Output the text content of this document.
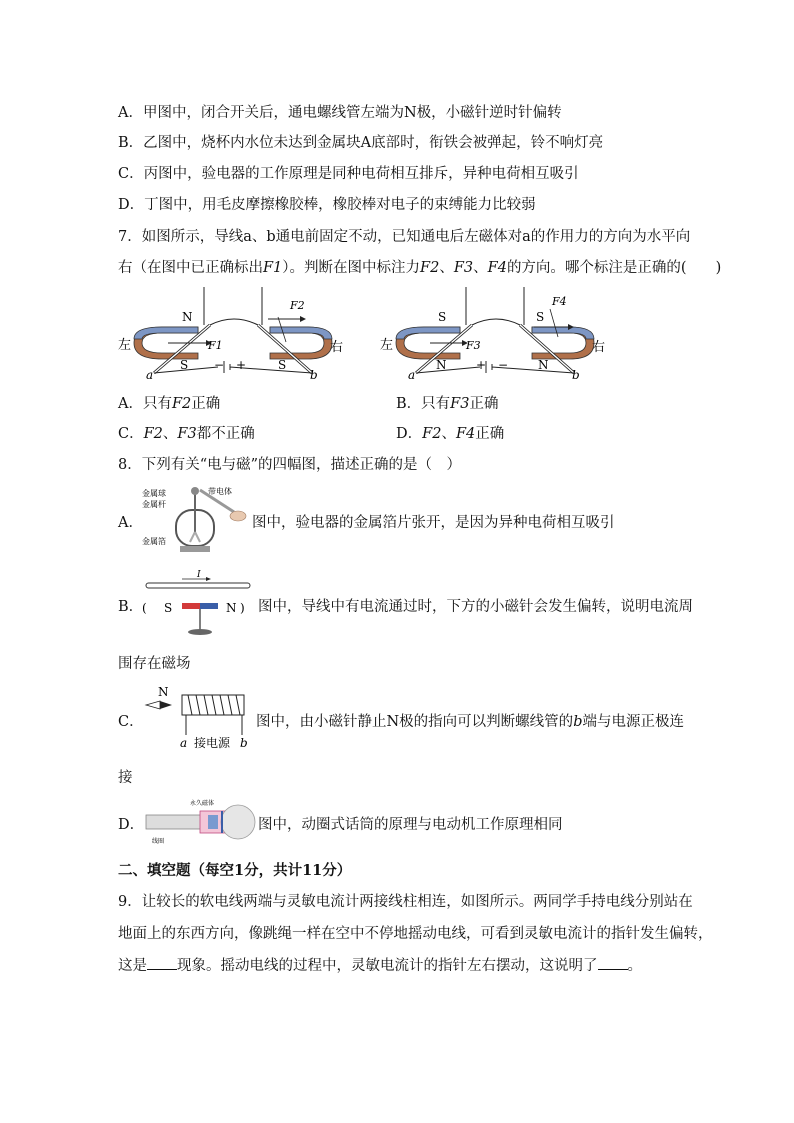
A．甲图中，闭合开关后，通电螺线管左端为N极，小磁针逆时针偏转
B．乙图中，烧杯内水位未达到金属块A底部时，衔铁会被弹起，铃不响灯亮
C．丙图中，验电器的工作原理是同种电荷相互排斥，异种电荷相互吸引
D．丁图中，用毛皮摩擦橡胶棒，橡胶棒对电子的束缚能力比较弱
7．如图所示，导线a、b通电前固定不动，已知通电后左磁体对a的作用力的方向为水平向
右（在图中已正确标出F1）。判断在图中标注力F2、F3、F4的方向。哪个标注是正确的(　　)
左	右
N
S	S
a	b
− +
F1
F2
左	右
S	S
N	N
a	b
−
+
F3
F4
A．只有F2正确	B．只有F3正确
C．F2、F3都不正确	D．F2、F4正确
8．下列有关“电与磁”的四幅图，描述正确的是（　）
A．
金属球
金属杆
金属箔
带电体
图中，验电器的金属箔片张开，是因为异种电荷相互吸引
B．
I
( S	N ) 图中，导线中有电流通过时，下方的小磁针会发生偏转，说明电流周
围存在磁场
C．
N
a 接电源 b
图中，由小磁针静止N极的指向可以判断螺线管的b端与电源正极连
接
D．
永久磁体
线圈
图中，动圈式话筒的原理与电动机工作原理相同
二、填空题（每空1分，共计11分）
9．让较长的软电线两端与灵敏电流计两接线柱相连，如图所示。两同学手持电线分别站在
地面上的东西方向，像跳绳一样在空中不停地摇动电线，可看到灵敏电流计的指针发生偏转，
这是 现象。摇动电线的过程中，灵敏电流计的指针左右摆动，这说明了 。
